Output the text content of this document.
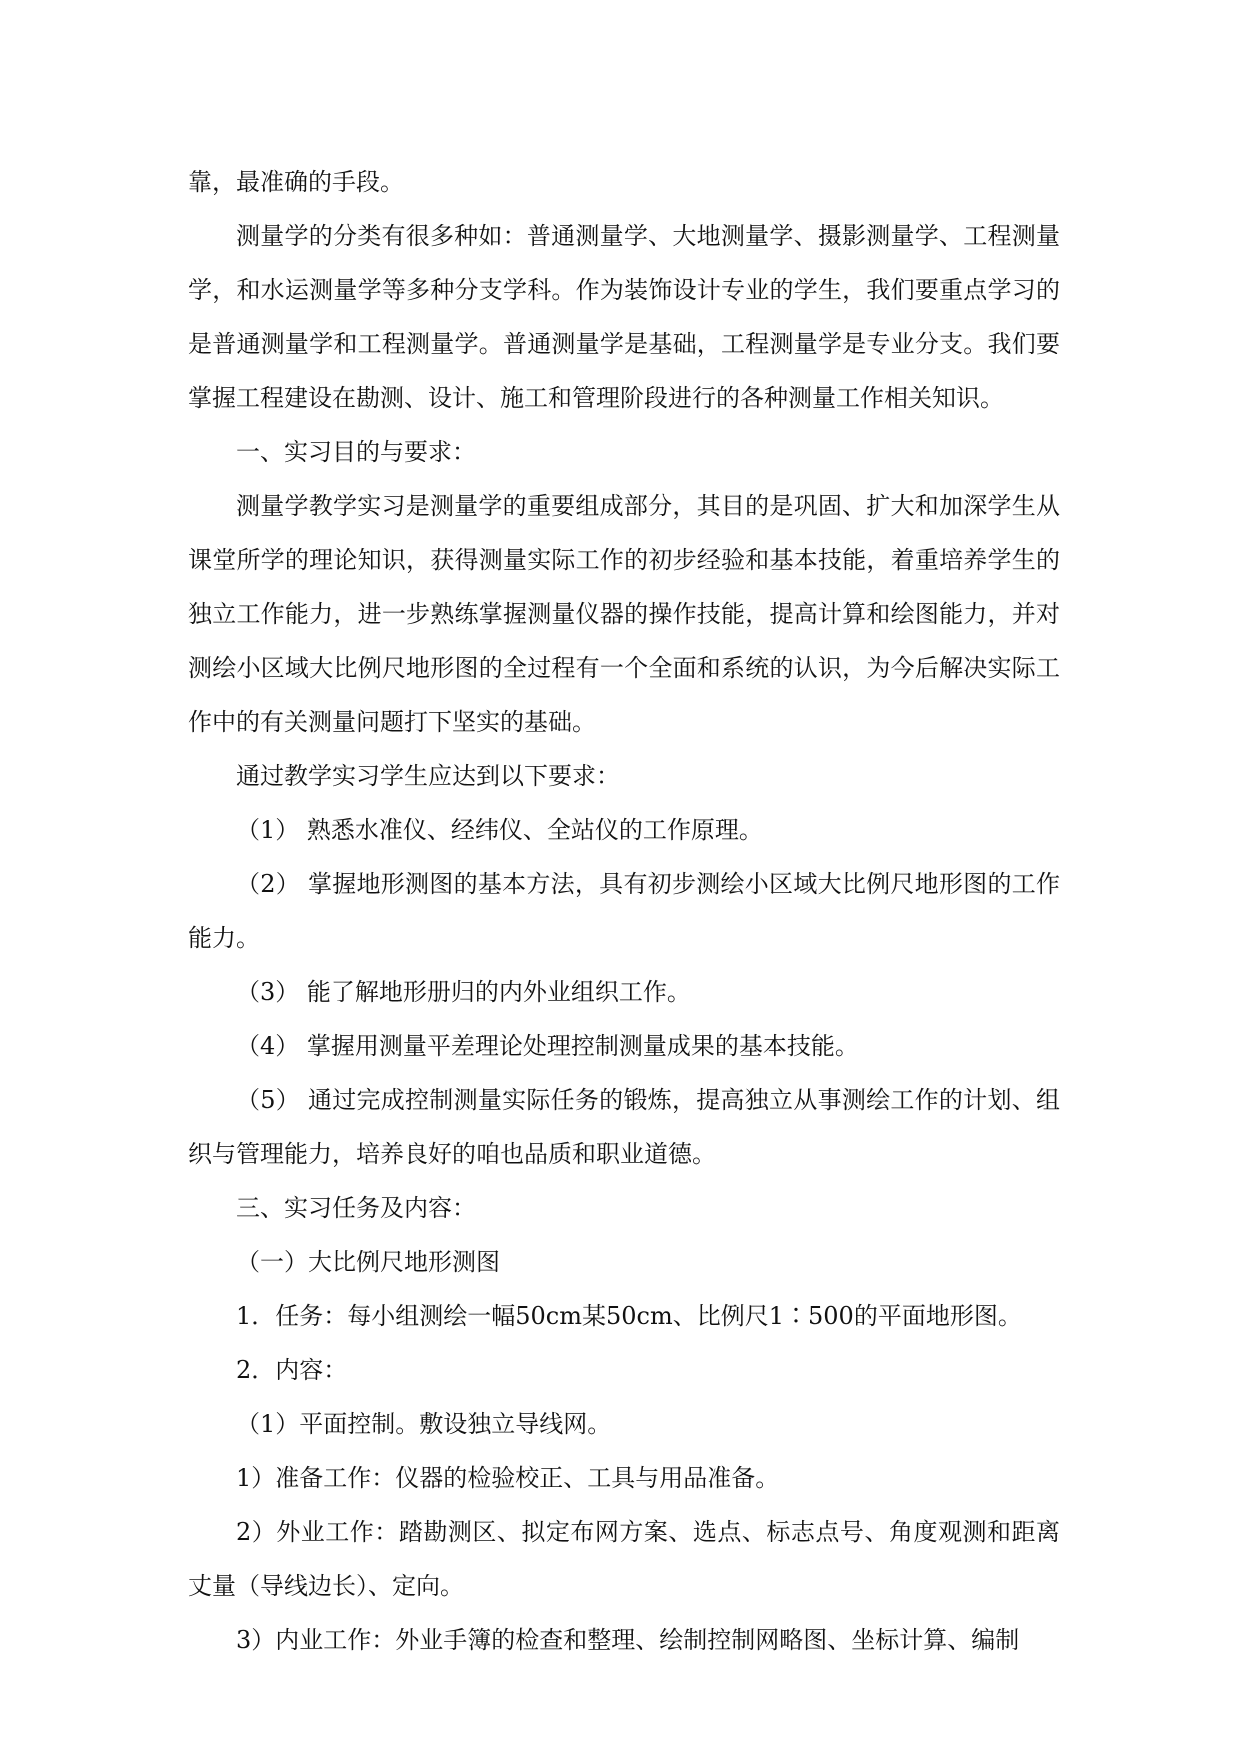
靠，最准确的手段。

测量学的分类有很多种如：普通测量学、大地测量学、摄影测量学、工程测量学，和水运测量学等多种分支学科。作为装饰设计专业的学生，我们要重点学习的是普通测量学和工程测量学。普通测量学是基础，工程测量学是专业分支。我们要掌握工程建设在勘测、设计、施工和管理阶段进行的各种测量工作相关知识。

一、实习目的与要求：

测量学教学实习是测量学的重要组成部分，其目的是巩固、扩大和加深学生从课堂所学的理论知识，获得测量实际工作的初步经验和基本技能，着重培养学生的独立工作能力，进一步熟练掌握测量仪器的操作技能，提高计算和绘图能力，并对测绘小区域大比例尺地形图的全过程有一个全面和系统的认识，为今后解决实际工作中的有关测量问题打下坚实的基础。

通过教学实习学生应达到以下要求：

（1） 熟悉水准仪、经纬仪、全站仪的工作原理。

（2） 掌握地形测图的基本方法，具有初步测绘小区域大比例尺地形图的工作能力。

（3） 能了解地形册归的内外业组织工作。

（4） 掌握用测量平差理论处理控制测量成果的基本技能。

（5） 通过完成控制测量实际任务的锻炼，提高独立从事测绘工作的计划、组织与管理能力，培养良好的咱也品质和职业道德。

三、实习任务及内容：

（一）大比例尺地形测图

1．任务：每小组测绘一幅50cm某50cm、比例尺1∶500的平面地形图。

2．内容：

（1）平面控制。敷设独立导线网。

1）准备工作：仪器的检验校正、工具与用品准备。

2）外业工作：踏勘测区、拟定布网方案、选点、标志点号、角度观测和距离丈量（导线边长）、定向。

3）内业工作：外业手簿的检查和整理、绘制控制网略图、坐标计算、编制
